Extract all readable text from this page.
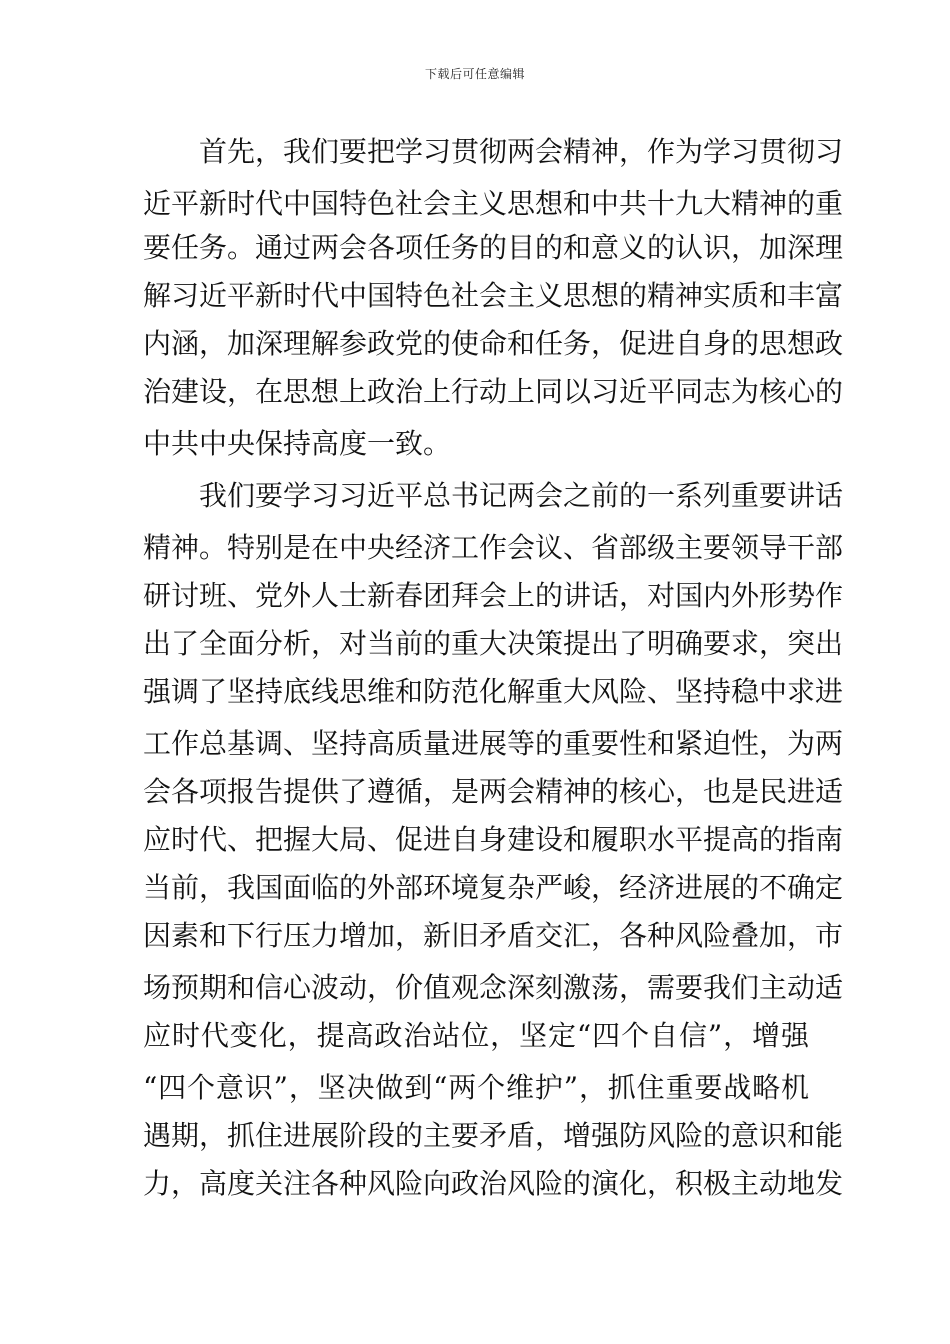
下载后可任意编辑
首先，我们要把学习贯彻两会精神，作为学习贯彻习
近平新时代中国特色社会主义思想和中共十九大精神的重
要任务。通过两会各项任务的目的和意义的认识，加深理
解习近平新时代中国特色社会主义思想的精神实质和丰富
内涵，加深理解参政党的使命和任务，促进自身的思想政
治建设，在思想上政治上行动上同以习近平同志为核心的
中共中央保持高度一致。
我们要学习习近平总书记两会之前的一系列重要讲话
精神。特别是在中央经济工作会议、省部级主要领导干部
研讨班、党外人士新春团拜会上的讲话，对国内外形势作
出了全面分析，对当前的重大决策提出了明确要求，突出
强调了坚持底线思维和防范化解重大风险、坚持稳中求进
工作总基调、坚持高质量进展等的重要性和紧迫性，为两
会各项报告提供了遵循，是两会精神的核心，也是民进适
应时代、把握大局、促进自身建设和履职水平提高的指南
当前，我国面临的外部环境复杂严峻，经济进展的不确定
因素和下行压力增加，新旧矛盾交汇，各种风险叠加，市
场预期和信心波动，价值观念深刻激荡，需要我们主动适
应时代变化，提高政治站位，坚定“四个自信”，增强
“四个意识”，坚决做到“两个维护”，抓住重要战略机
遇期，抓住进展阶段的主要矛盾，增强防风险的意识和能
力，高度关注各种风险向政治风险的演化，积极主动地发
